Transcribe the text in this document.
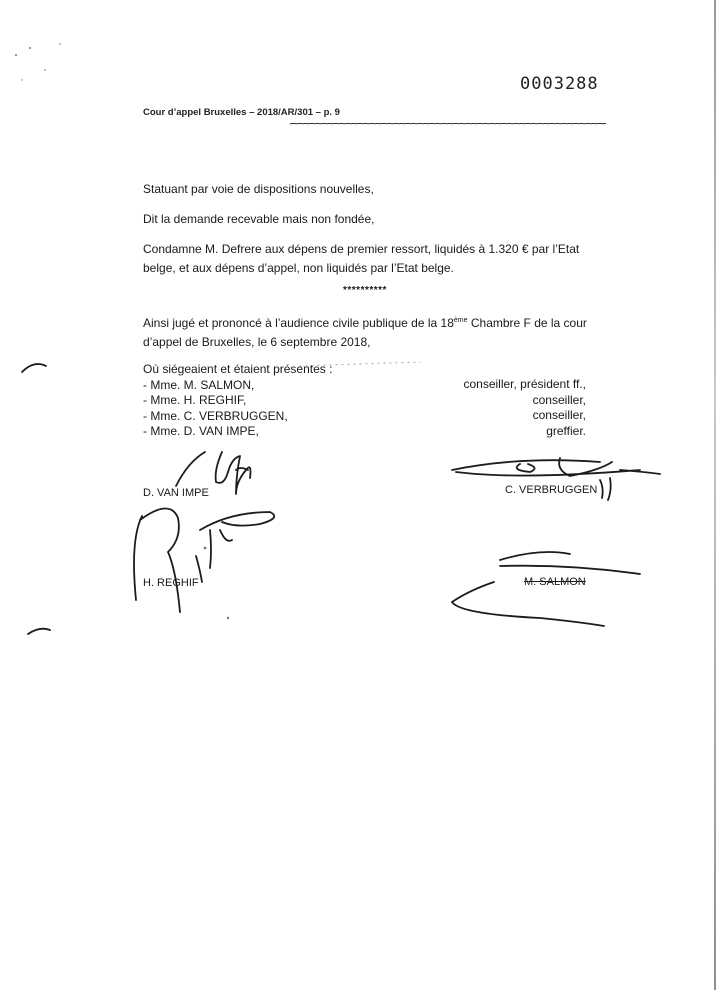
0003288
Cour d’appel Bruxelles – 2018/AR/301 – p. 9

Statuant par voie de dispositions nouvelles,

Dit la demande recevable mais non fondée,

Condamne M. Defrere aux dépens de premier ressort, liquidés à 1.320 € par l’Etat belge, et aux dépens d’appel, non liquidés par l’Etat belge.

**********

Ainsi jugé et prononcé à l’audience civile publique de la 18ème Chambre F de la cour d’appel de Bruxelles, le 6 septembre 2018,

Où siégeaient et étaient présentes :
- Mme. M. SALMON,
- Mme. H. REGHIF,
- Mme. C. VERBRUGGEN,
- Mme. D. VAN IMPE,
conseiller, président ff.,
conseiller,
conseiller,
greffier.
D. VAN IMPE	C. VERBRUGGEN
H. REGHIF	M. SALMON
